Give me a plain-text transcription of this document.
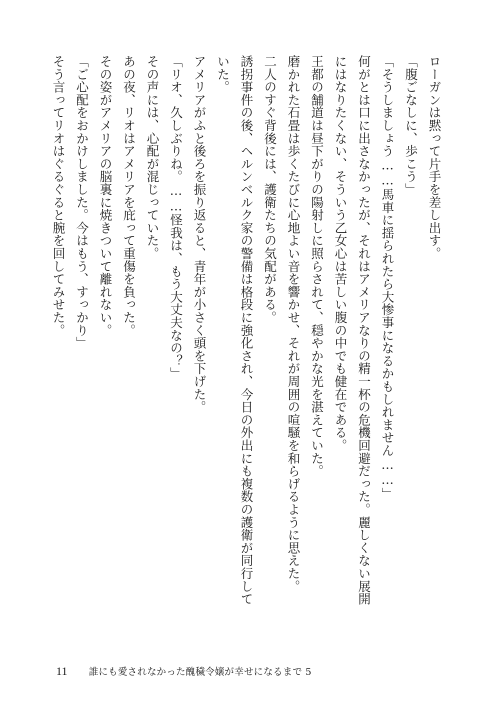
ローガンは黙って片手を差し出す。

「腹ごなしに、歩こう」

「そうしましょう……馬車に揺られたら大惨事になるかもしれません……」

何がとは口に出さなかったが、それはアメリアなりの精一杯の危機回避だった。麗しくない展開

にはなりたくない、そういう乙女心は苦しい腹の中でも健在である。

王都の舗道は昼下がりの陽射しに照らされて、穏やかな光を湛えていた。

磨かれた石畳は歩くたびに心地よい音を響かせ、それが周囲の喧騒を和らげるように思えた。

二人のすぐ背後には、護衛たちの気配がある。

誘拐事件の後、ヘルンベルク家の警備は格段に強化され、今日の外出にも複数の護衛が同行して

いた。

アメリアがふと後ろを振り返ると、青年が小さく頭を下げた。

「リオ、久しぶりね。……怪我は、もう大丈夫なの？」

その声には、心配が混じっていた。

あの夜、リオはアメリアを庇って重傷を負った。

その姿がアメリアの脳裏に焼きついて離れない。

「ご心配をおかけしました。今はもう、すっかり」

そう言ってリオはぐるぐると腕を回してみせた。

11 誰にも愛されなかった醜穢令嬢が幸せになるまで 5
